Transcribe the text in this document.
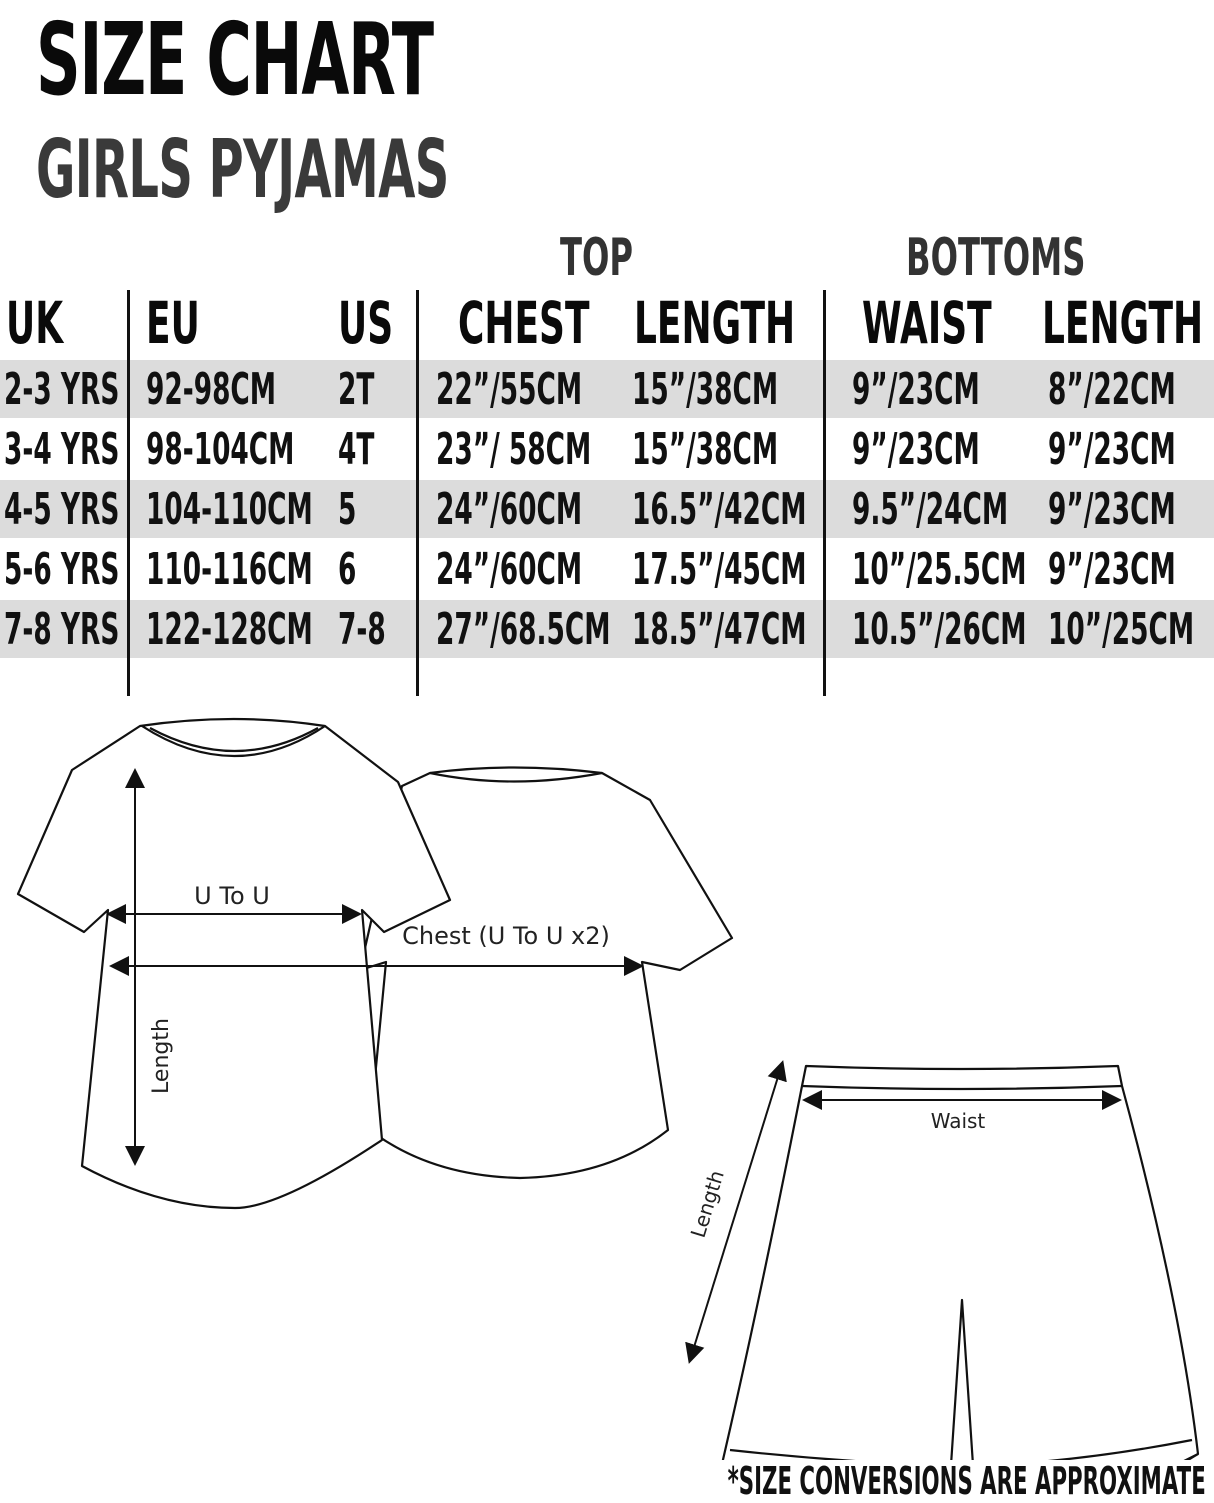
SIZE CHART
GIRLS PYJAMAS
TOP	BOTTOMS
UK EU US CHEST LENGTH WAIST LENGTH
2-3 YRS 92-98CM 2T 22”/55CM 15”/38CM 9”/23CM 8”/22CM
3-4 YRS 98-104CM 4T 23”/ 58CM 15”/38CM 9”/23CM 9”/23CM
4-5 YRS 104-110CM 5 24”/60CM 16.5”/42CM 9.5”/24CM 9”/23CM
5-6 YRS 110-116CM 6 24”/60CM 17.5”/45CM 10”/25.5CM 9”/23CM
7-8 YRS 122-128CM 7-8 27”/68.5CM 18.5”/47CM 10.5”/26CM 10”/25CM
U To U
Chest (U To U x2)
Length
Waist
Length
*SIZE CONVERSIONS ARE APPROXIMATE
